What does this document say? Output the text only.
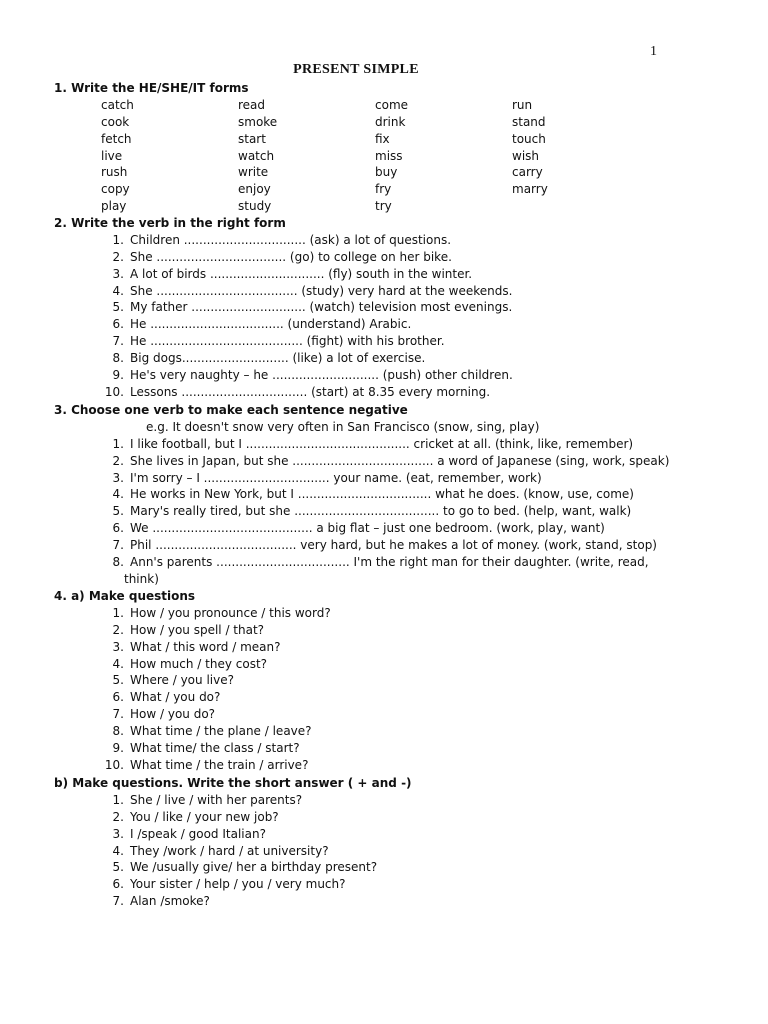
1
PRESENT SIMPLE
1. Write the HE/SHE/IT forms
catch	read	come	run
cook	smoke	drink	stand
fetch	start	fix	touch
live	watch	miss	wish
rush	write	buy	carry
copy	enjoy	fry	marry
play	study	try
2. Write the verb in the right form
1. Children ................................ (ask) a lot of questions.
2. She .................................. (go) to college on her bike.
3. A lot of birds .............................. (fly) south in the winter.
4. She ..................................... (study) very hard at the weekends.
5. My father .............................. (watch) television most evenings.
6. He ................................... (understand) Arabic.
7. He ........................................ (fight) with his brother.
8. Big dogs............................ (like) a lot of exercise.
9. He's very naughty – he ............................ (push) other children.
10. Lessons ................................. (start) at 8.35 every morning.
3. Choose one verb to make each sentence negative
e.g. It doesn't snow very often in San Francisco (snow, sing, play)
1. I like football, but I ........................................... cricket at all. (think, like, remember)
2. She lives in Japan, but she ..................................... a word of Japanese (sing, work, speak)
3. I'm sorry – I ................................. your name. (eat, remember, work)
4. He works in New York, but I ................................... what he does. (know, use, come)
5. Mary's really tired, but she ...................................... to go to bed. (help, want, walk)
6. We .......................................... a big flat – just one bedroom. (work, play, want)
7. Phil ..................................... very hard, but he makes a lot of money. (work, stand, stop)
8. Ann's parents ................................... I'm the right man for their daughter. (write, read,
think)
4. a) Make questions
1. How / you pronounce / this word?
2. How / you spell / that?
3. What / this word / mean?
4. How much / they cost?
5. Where / you live?
6. What / you do?
7. How / you do?
8. What time / the plane / leave?
9. What time/ the class / start?
10. What time / the train / arrive?
b) Make questions. Write the short answer ( + and -)
1. She / live / with her parents?
2. You / like / your new job?
3. I /speak / good Italian?
4. They /work / hard / at university?
5. We /usually give/ her a birthday present?
6. Your sister / help / you / very much?
7. Alan /smoke?
